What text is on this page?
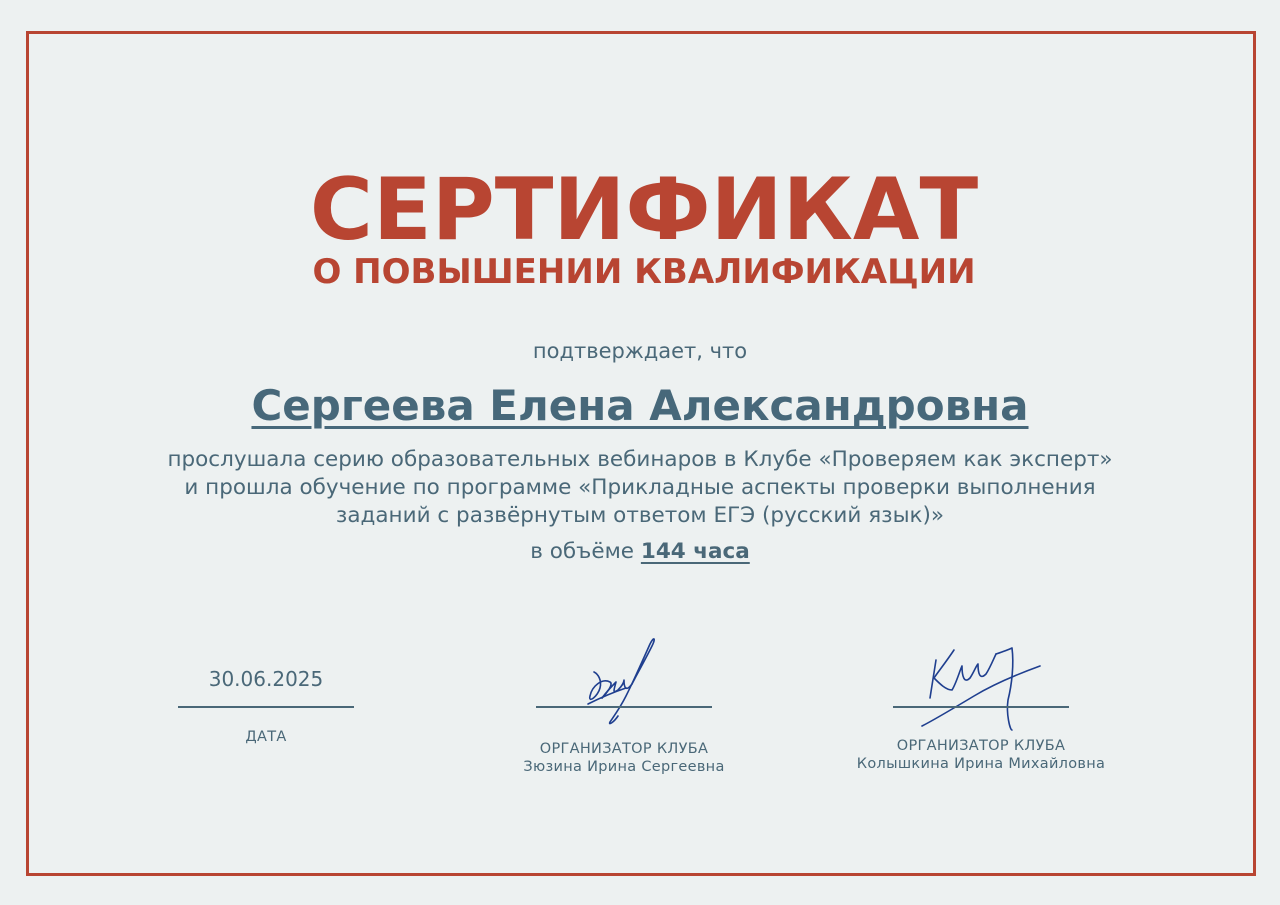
СЕРТИФИКАТ
О ПОВЫШЕНИИ КВАЛИФИКАЦИИ
подтверждает, что
Сергеева Елена Александровна
прослушала серию образовательных вебинаров в Клубе «Проверяем как эксперт»
и прошла обучение по программе «Прикладные аспекты проверки выполнения
заданий с развёрнутым ответом ЕГЭ (русский язык)»
в объёме 144 часа
30.06.2025
ДАТА
ОРГАНИЗАТОР КЛУБА
Зюзина Ирина Сергеевна
ОРГАНИЗАТОР КЛУБА
Колышкина Ирина Михайловна
